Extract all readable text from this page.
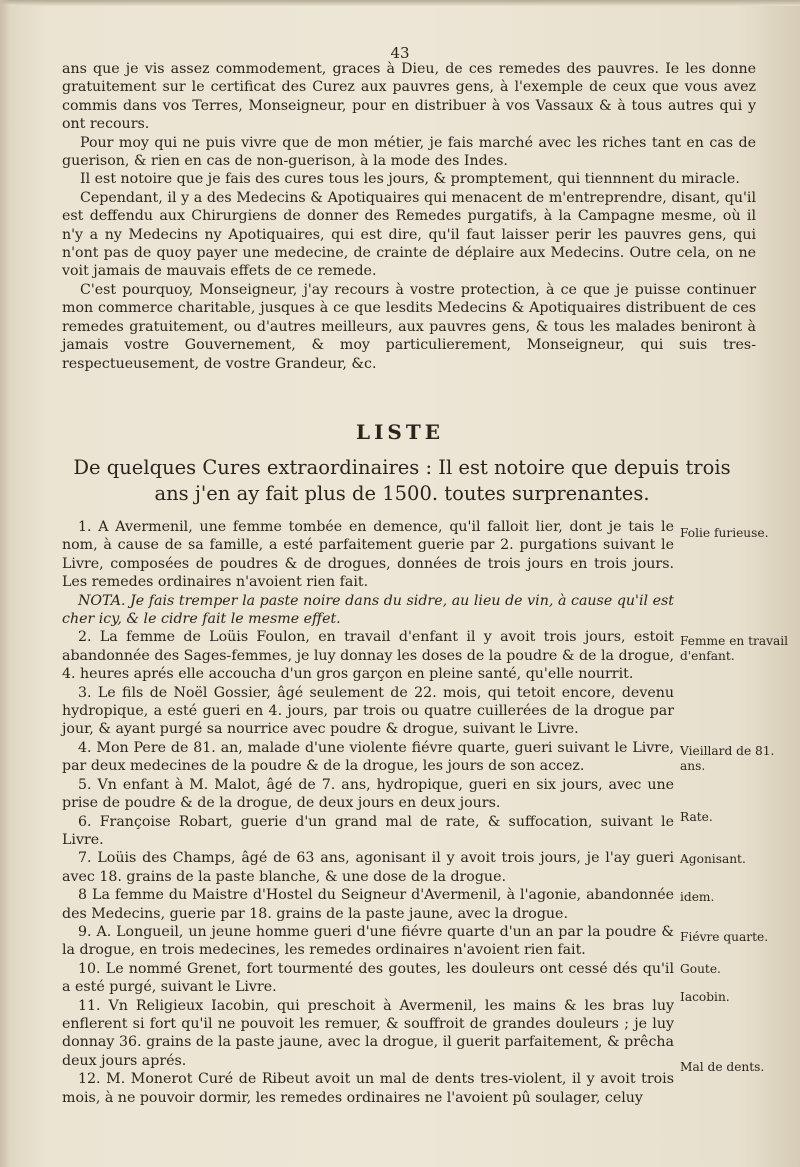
43

ans que je vis assez commodement, graces à Dieu, de ces remedes des pauvres. Ie les donne gratuitement sur le certificat des Curez aux pauvres gens, à l'exemple de ceux que vous avez commis dans vos Terres, Monseigneur, pour en distribuer à vos Vassaux & à tous autres qui y ont recours.

Pour moy qui ne puis vivre que de mon métier, je fais marché avec les riches tant en cas de guerison, & rien en cas de non-guerison, à la mode des Indes.

Il est notoire que je fais des cures tous les jours, & promptement, qui tiennnent du miracle.

Cependant, il y a des Medecins & Apotiquaires qui menacent de m'entreprendre, disant, qu'il est deffendu aux Chirurgiens de donner des Remedes purgatifs, à la Campagne mesme, où il n'y a ny Medecins ny Apotiquaires, qui est dire, qu'il faut laisser perir les pauvres gens, qui n'ont pas de quoy payer une medecine, de crainte de déplaire aux Medecins. Outre cela, on ne voit jamais de mauvais effets de ce remede.

C'est pourquoy, Monseigneur, j'ay recours à vostre protection, à ce que je puisse continuer mon commerce charitable, jusques à ce que lesdits Medecins & Apotiquaires distribuent de ces remedes gratuitement, ou d'autres meilleurs, aux pauvres gens, & tous les malades beniront à jamais vostre Gouvernement, & moy particulierement, Monseigneur, qui suis tres-respectueusement, de vostre Grandeur, &c.

LISTE
De quelques Cures extraordinaires : Il est notoire que depuis trois ans j'en ay fait plus de 1500. toutes surprenantes.

1. A Avermenil, une femme tombée en demence, qu'il falloit lier, dont je tais le nom, à cause de sa famille, a esté parfaitement guerie par 2. purgations suivant le Livre, composées de poudres & de drogues, données de trois jours en trois jours. Les remedes ordinaires n'avoient rien fait.

NOTA. Je fais tremper la paste noire dans du sidre, au lieu de vin, à cause qu'il est cher icy, & le cidre fait le mesme effet.

2. La femme de Loüis Foulon, en travail d'enfant il y avoit trois jours, estoit abandonnée des Sages-femmes, je luy donnay les doses de la poudre & de la drogue, 4. heures aprés elle accoucha d'un gros garçon en pleine santé, qu'elle nourrit.

3. Le fils de Noël Gossier, âgé seulement de 22. mois, qui tetoit encore, devenu hydropique, a esté gueri en 4. jours, par trois ou quatre cuillerées de la drogue par jour, & ayant purgé sa nourrice avec poudre & drogue, suivant le Livre.

4. Mon Pere de 81. an, malade d'une violente fiévre quarte, gueri suivant le Livre, par deux medecines de la poudre & de la drogue, les jours de son accez.

5. Vn enfant à M. Malot, âgé de 7. ans, hydropique, gueri en six jours, avec une prise de poudre & de la drogue, de deux jours en deux jours.

6. Françoise Robart, guerie d'un grand mal de rate, & suffocation, suivant le Livre.

7. Loüis des Champs, âgé de 63 ans, agonisant il y avoit trois jours, je l'ay gueri avec 18. grains de la paste blanche, & une dose de la drogue.

8 La femme du Maistre d'Hostel du Seigneur d'Avermenil, à l'agonie, abandonnée des Medecins, guerie par 18. grains de la paste jaune, avec la drogue.

9. A. Longueil, un jeune homme gueri d'une fiévre quarte d'un an par la poudre & la drogue, en trois medecines, les remedes ordinaires n'avoient rien fait.

10. Le nommé Grenet, fort tourmenté des goutes, les douleurs ont cessé dés qu'il a esté purgé, suivant le Livre.

11. Vn Religieux Iacobin, qui preschoit à Avermenil, les mains & les bras luy enflerent si fort qu'il ne pouvoit les remuer, & souffroit de grandes douleurs ; je luy donnay 36. grains de la paste jaune, avec la drogue, il guerit parfaitement, & prêcha deux jours aprés.

12. M. Monerot Curé de Ribeut avoit un mal de dents tres-violent, il y avoit trois mois, à ne pouvoir dormir, les remedes ordinaires ne l'avoient pû soulager, celuy

Folie furieuse.
Femme en travail d'enfant.
Vieillard de 81. ans.
Rate.
Agonisant.
idem.
Fiévre quarte.
Goute.
Iacobin.
Mal de dents.
